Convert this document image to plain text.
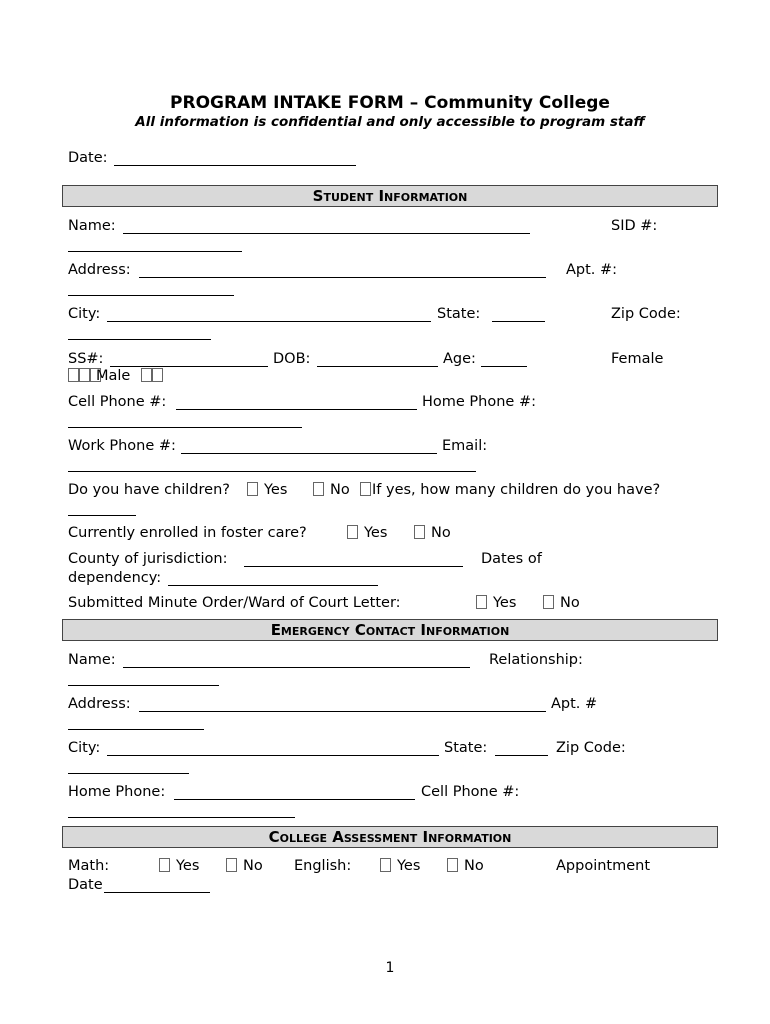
PROGRAM INTAKE FORM – Community College
All information is confidential and only accessible to program staff
Date:
Student Information
Name:	SID #:
Address:	Apt. #:
City:	State:	Zip Code:
SS#:	DOB:	Age:	Female
Male
Cell Phone #:	Home Phone #:
Work Phone #:	Email:
Do you have children?	Yes	No	If yes, how many children do you have?
Currently enrolled in foster care?	Yes	No
County of jurisdiction:	Dates of
dependency:
Submitted Minute Order/Ward of Court Letter:	Yes	No
Emergency Contact Information
Name:	Relationship:
Address:	Apt. #
City:	State:	Zip Code:
Home Phone:	Cell Phone #:
College Assessment Information
Math:	Yes	No English:	Yes	No	Appointment
Date
1
